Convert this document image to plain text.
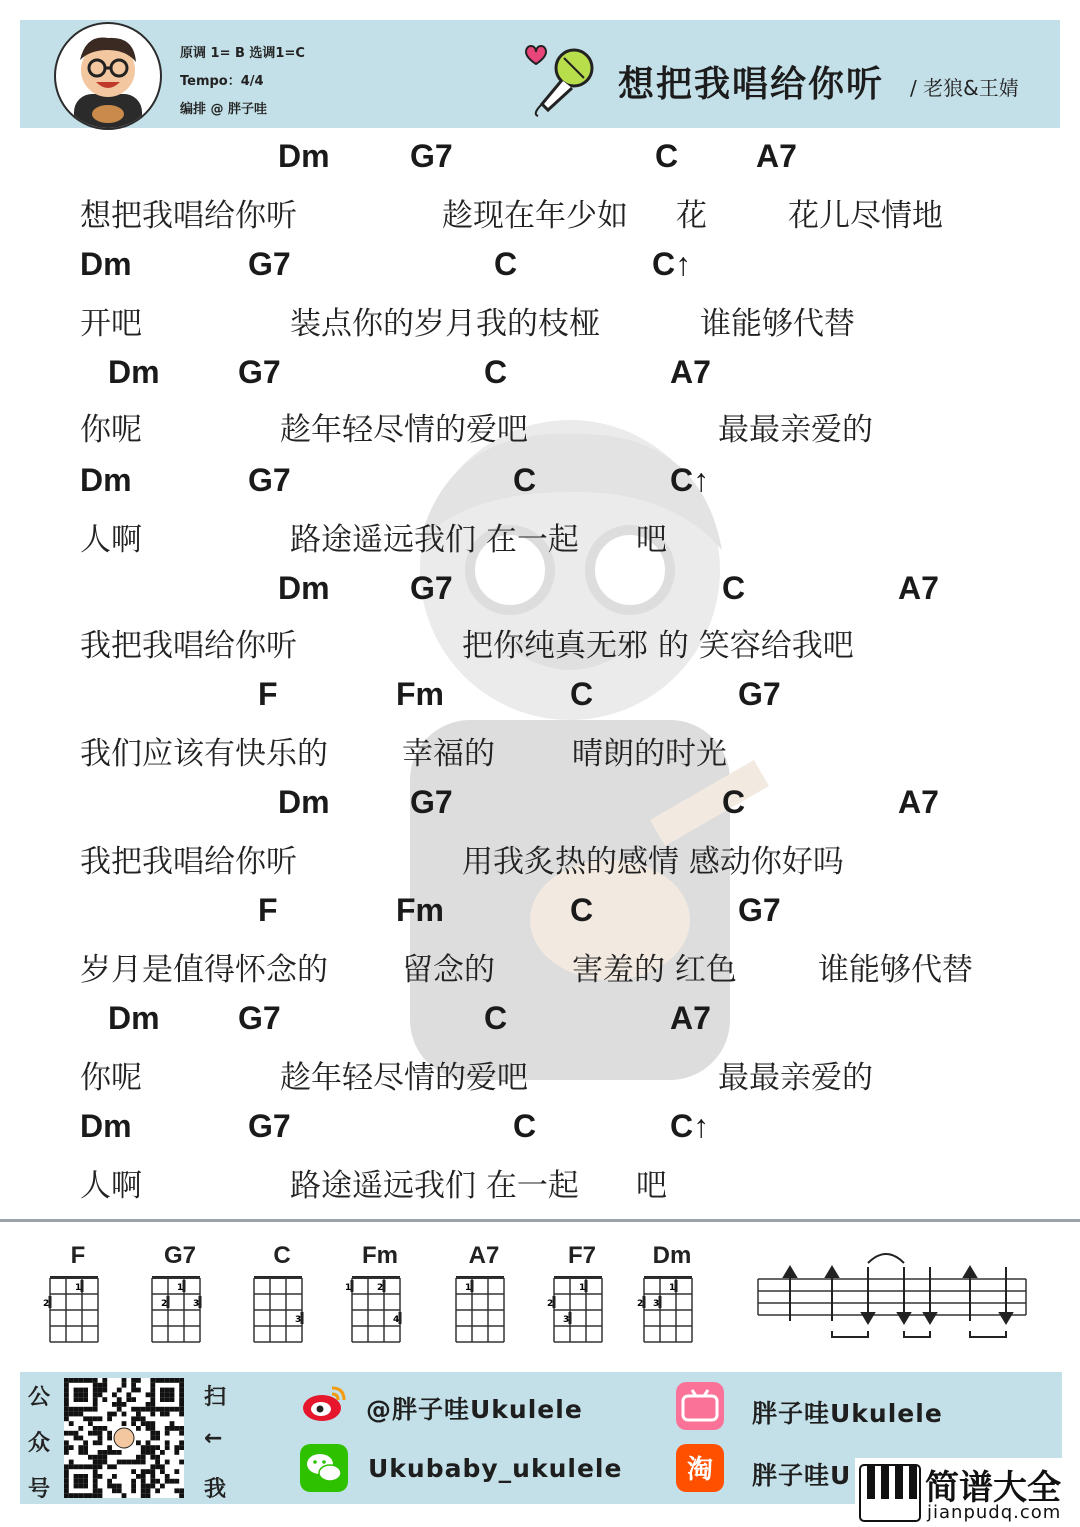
原调 1= B 选调1=C
Tempo：4/4
编排 @ 胖子哇
想把我唱给你听 / 老狼&王婧
Dm	G7	C A7
想把我唱给你听	趁现在年少如 花	花儿尽情地
Dm	G7	C	C↑
开吧	装点你的岁月我的枝桠	谁能够代替
Dm G7	C	A7
你呢	趁年轻尽情的爱吧	最最亲爱的
Dm	G7	C	C↑
人啊	路途遥远我们 在一起 吧
Dm	G7	C	A7
我把我唱给你听	把你纯真无邪 的 笑容给我吧
F	Fm	C	G7
我们应该有快乐的 幸福的 晴朗的时光
Dm	G7	C	A7
我把我唱给你听	用我炙热的感情 感动你好吗
F	Fm	C	G7
岁月是值得怀念的 留念的 害羞的 红色	谁能够代替
Dm G7	C	A7
你呢	趁年轻尽情的爱吧	最最亲爱的
Dm	G7	C	C↑
人啊	路途遥远我们 在一起 吧
F
2
1
G7
2
1
3
C
3
Fm
1	2
4
A7
1
F7
2
3
1
Dm
2 3
1
公
众
号
扫
←
我
@胖子哇Ukulele
Ukubaby_ukulele
胖子哇Ukulele
淘 胖子哇U 简谱大全
jianpudq.com
